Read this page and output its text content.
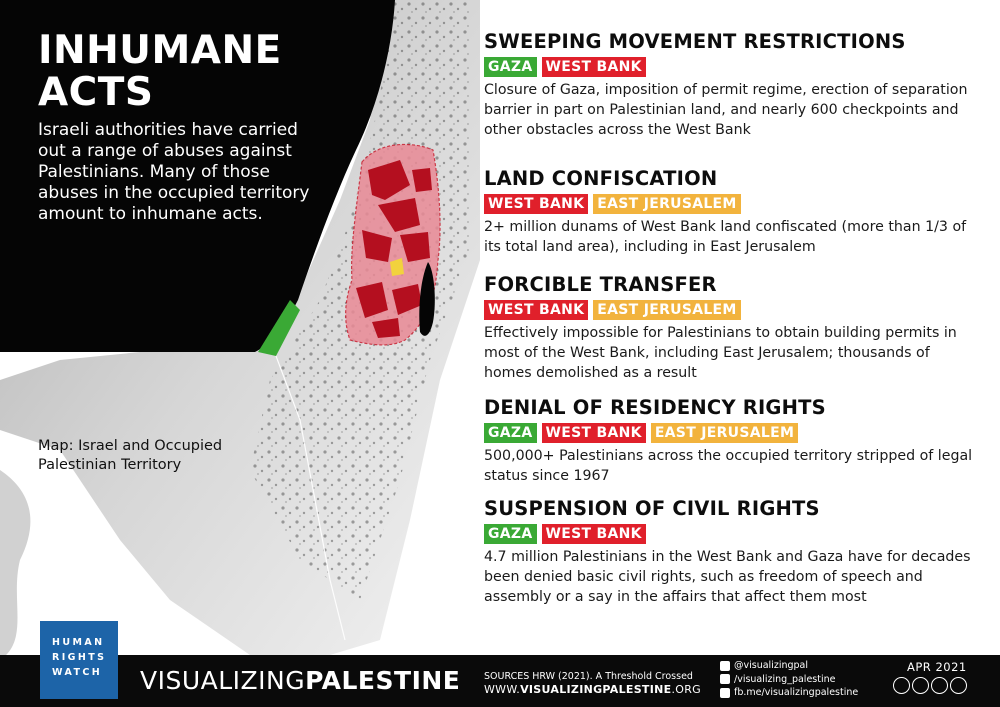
INHUMANE ACTS
Israeli authorities have carried out a range of abuses against Palestinians. Many of those abuses in the occupied territory amount to inhumane acts.
Map: Israel and Occupied Palestinian Territory
SWEEPING MOVEMENT RESTRICTIONS
GAZA WEST BANK
Closure of Gaza, imposition of permit regime, erection of separation barrier in part on Palestinian land, and nearly 600 checkpoints and other obstacles across the West Bank
LAND CONFISCATION
WEST BANK EAST JERUSALEM
2+ million dunams of West Bank land confiscated (more than 1/3 of its total land area), including in East Jerusalem
FORCIBLE TRANSFER
WEST BANK EAST JERUSALEM
Effectively impossible for Palestinians to obtain building permits in most of the West Bank, including East Jerusalem; thousands of homes demolished as a result
DENIAL OF RESIDENCY RIGHTS
GAZA WEST BANK EAST JERUSALEM
500,000+ Palestinians across the occupied territory stripped of legal status since 1967
SUSPENSION OF CIVIL RIGHTS
GAZA WEST BANK
4.7 million Palestinians in the West Bank and Gaza have for decades been denied basic civil rights, such as freedom of speech and assembly or a say in the affairs that affect them most
HUMAN
RIGHTS
WATCH	VISUALIZINGPALESTINE SOURCES HRW (2021). A Threshold Crossed
WWW.VISUALIZINGPALESTINE.ORG
@visualizingpal
/visualizing_palestine
fb.me/visualizingpalestine
APR 2021
